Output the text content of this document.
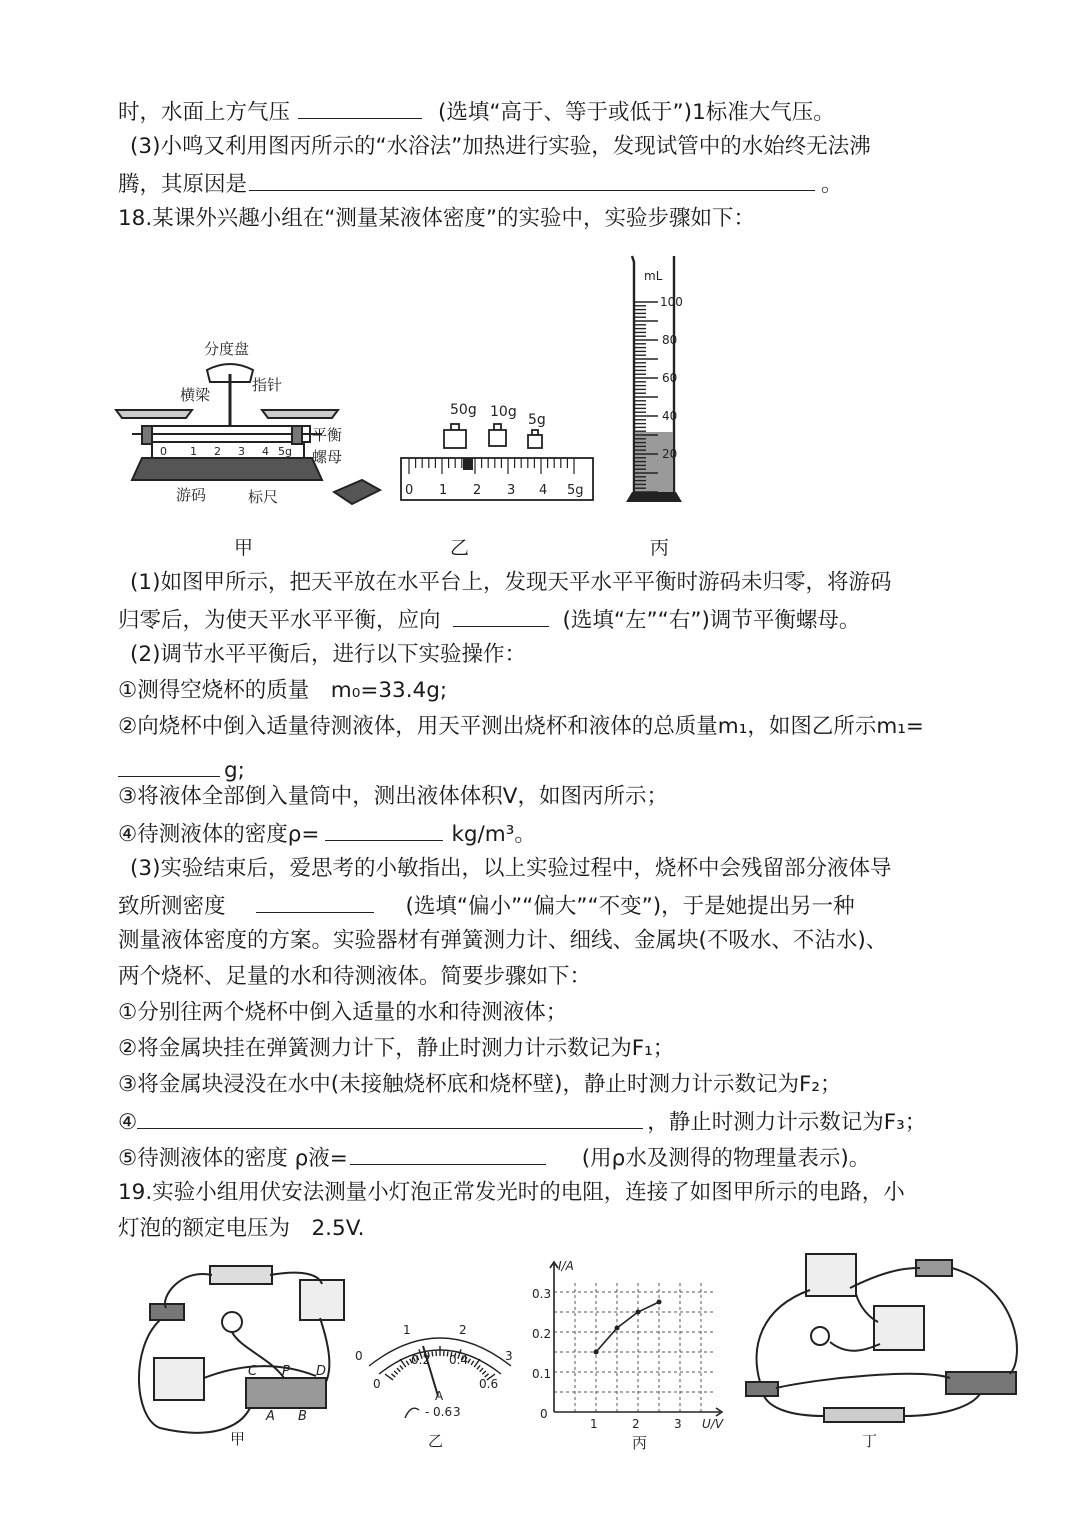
时，水面上方气压	(选填“高于、等于或低于”)1标准大气压。
(3)小鸣又利用图丙所示的“水浴法”加热进行实验，发现试管中的水始终无法沸
腾，其原因是	。
18.某课外兴趣小组在“测量某液体密度”的实验中，实验步骤如下：
0 1 2 3 4 5g
分度盘
指针
横梁
平衡
螺母
游码	标尺
50g 10g 5g
0 1 2 3 4 5g
mL
100
80
60
40
20
甲	乙	丙
(1)如图甲所示，把天平放在水平台上，发现天平水平平衡时游码未归零，将游码
归零后，为使天平水平平衡，应向	(选填“左”“右”)调节平衡螺母。
(2)调节水平平衡后，进行以下实验操作：
①测得空烧杯的质量　m₀=33.4g;
②向烧杯中倒入适量待测液体，用天平测出烧杯和液体的总质量m₁，如图乙所示m₁=
g;
③将液体全部倒入量筒中，测出液体体积V，如图丙所示；
④待测液体的密度ρ=	kg/m³。
(3)实验结束后，爱思考的小敏指出，以上实验过程中，烧杯中会残留部分液体导
致所测密度	(选填“偏小”“偏大”“不变”)，于是她提出另一种
测量液体密度的方案。实验器材有弹簧测力计、细线、金属块(不吸水、不沾水)、
两个烧杯、足量的水和待测液体。简要步骤如下：
①分别往两个烧杯中倒入适量的水和待测液体；
②将金属块挂在弹簧测力计下，静止时测力计示数记为F₁；
③将金属块浸没在水中(未接触烧杯底和烧杯壁)，静止时测力计示数记为F₂；
④	，静止时测力计示数记为F₃；
⑤待测液体的密度 ρ液=	(用ρ水及测得的物理量表示)。
19.实验小组用伏安法测量小灯泡正常发光时的电阻，连接了如图甲所示的电路，小
灯泡的额定电压为　2.5V.
C P D
A B
1	2
0	3
0
0.2 0.4
0.6
A
- 0.6 3
I/A
U/V
0.3
0.2
0.1
0
1	2	3
甲	乙	丙	丁
